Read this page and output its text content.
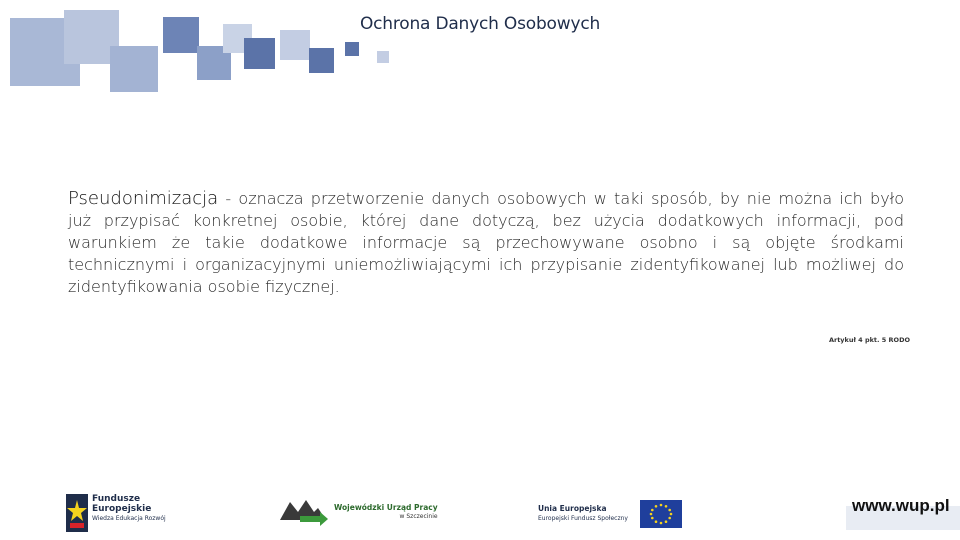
Ochrona Danych Osobowych
Pseudonimizacja - oznacza przetworzenie danych osobowych w taki sposób, by nie można ich było już przypisać konkretnej osobie, której dane dotyczą, bez użycia dodatkowych informacji, pod warunkiem że takie dodatkowe informacje są przechowywane osobno i są objęte środkami technicznymi i organizacyjnymi uniemożliwiającymi ich przypisanie zidentyfikowanej lub możliwej do zidentyfikowania osobie fizycznej.
Artykuł 4 pkt. 5 RODO
Fundusze
Europejskie
Wiedza Edukacja Rozwój
Wojewódzki Urząd Pracy
w Szczecinie
Unia Europejska
Europejski Fundusz Społeczny
www.wup.pl
